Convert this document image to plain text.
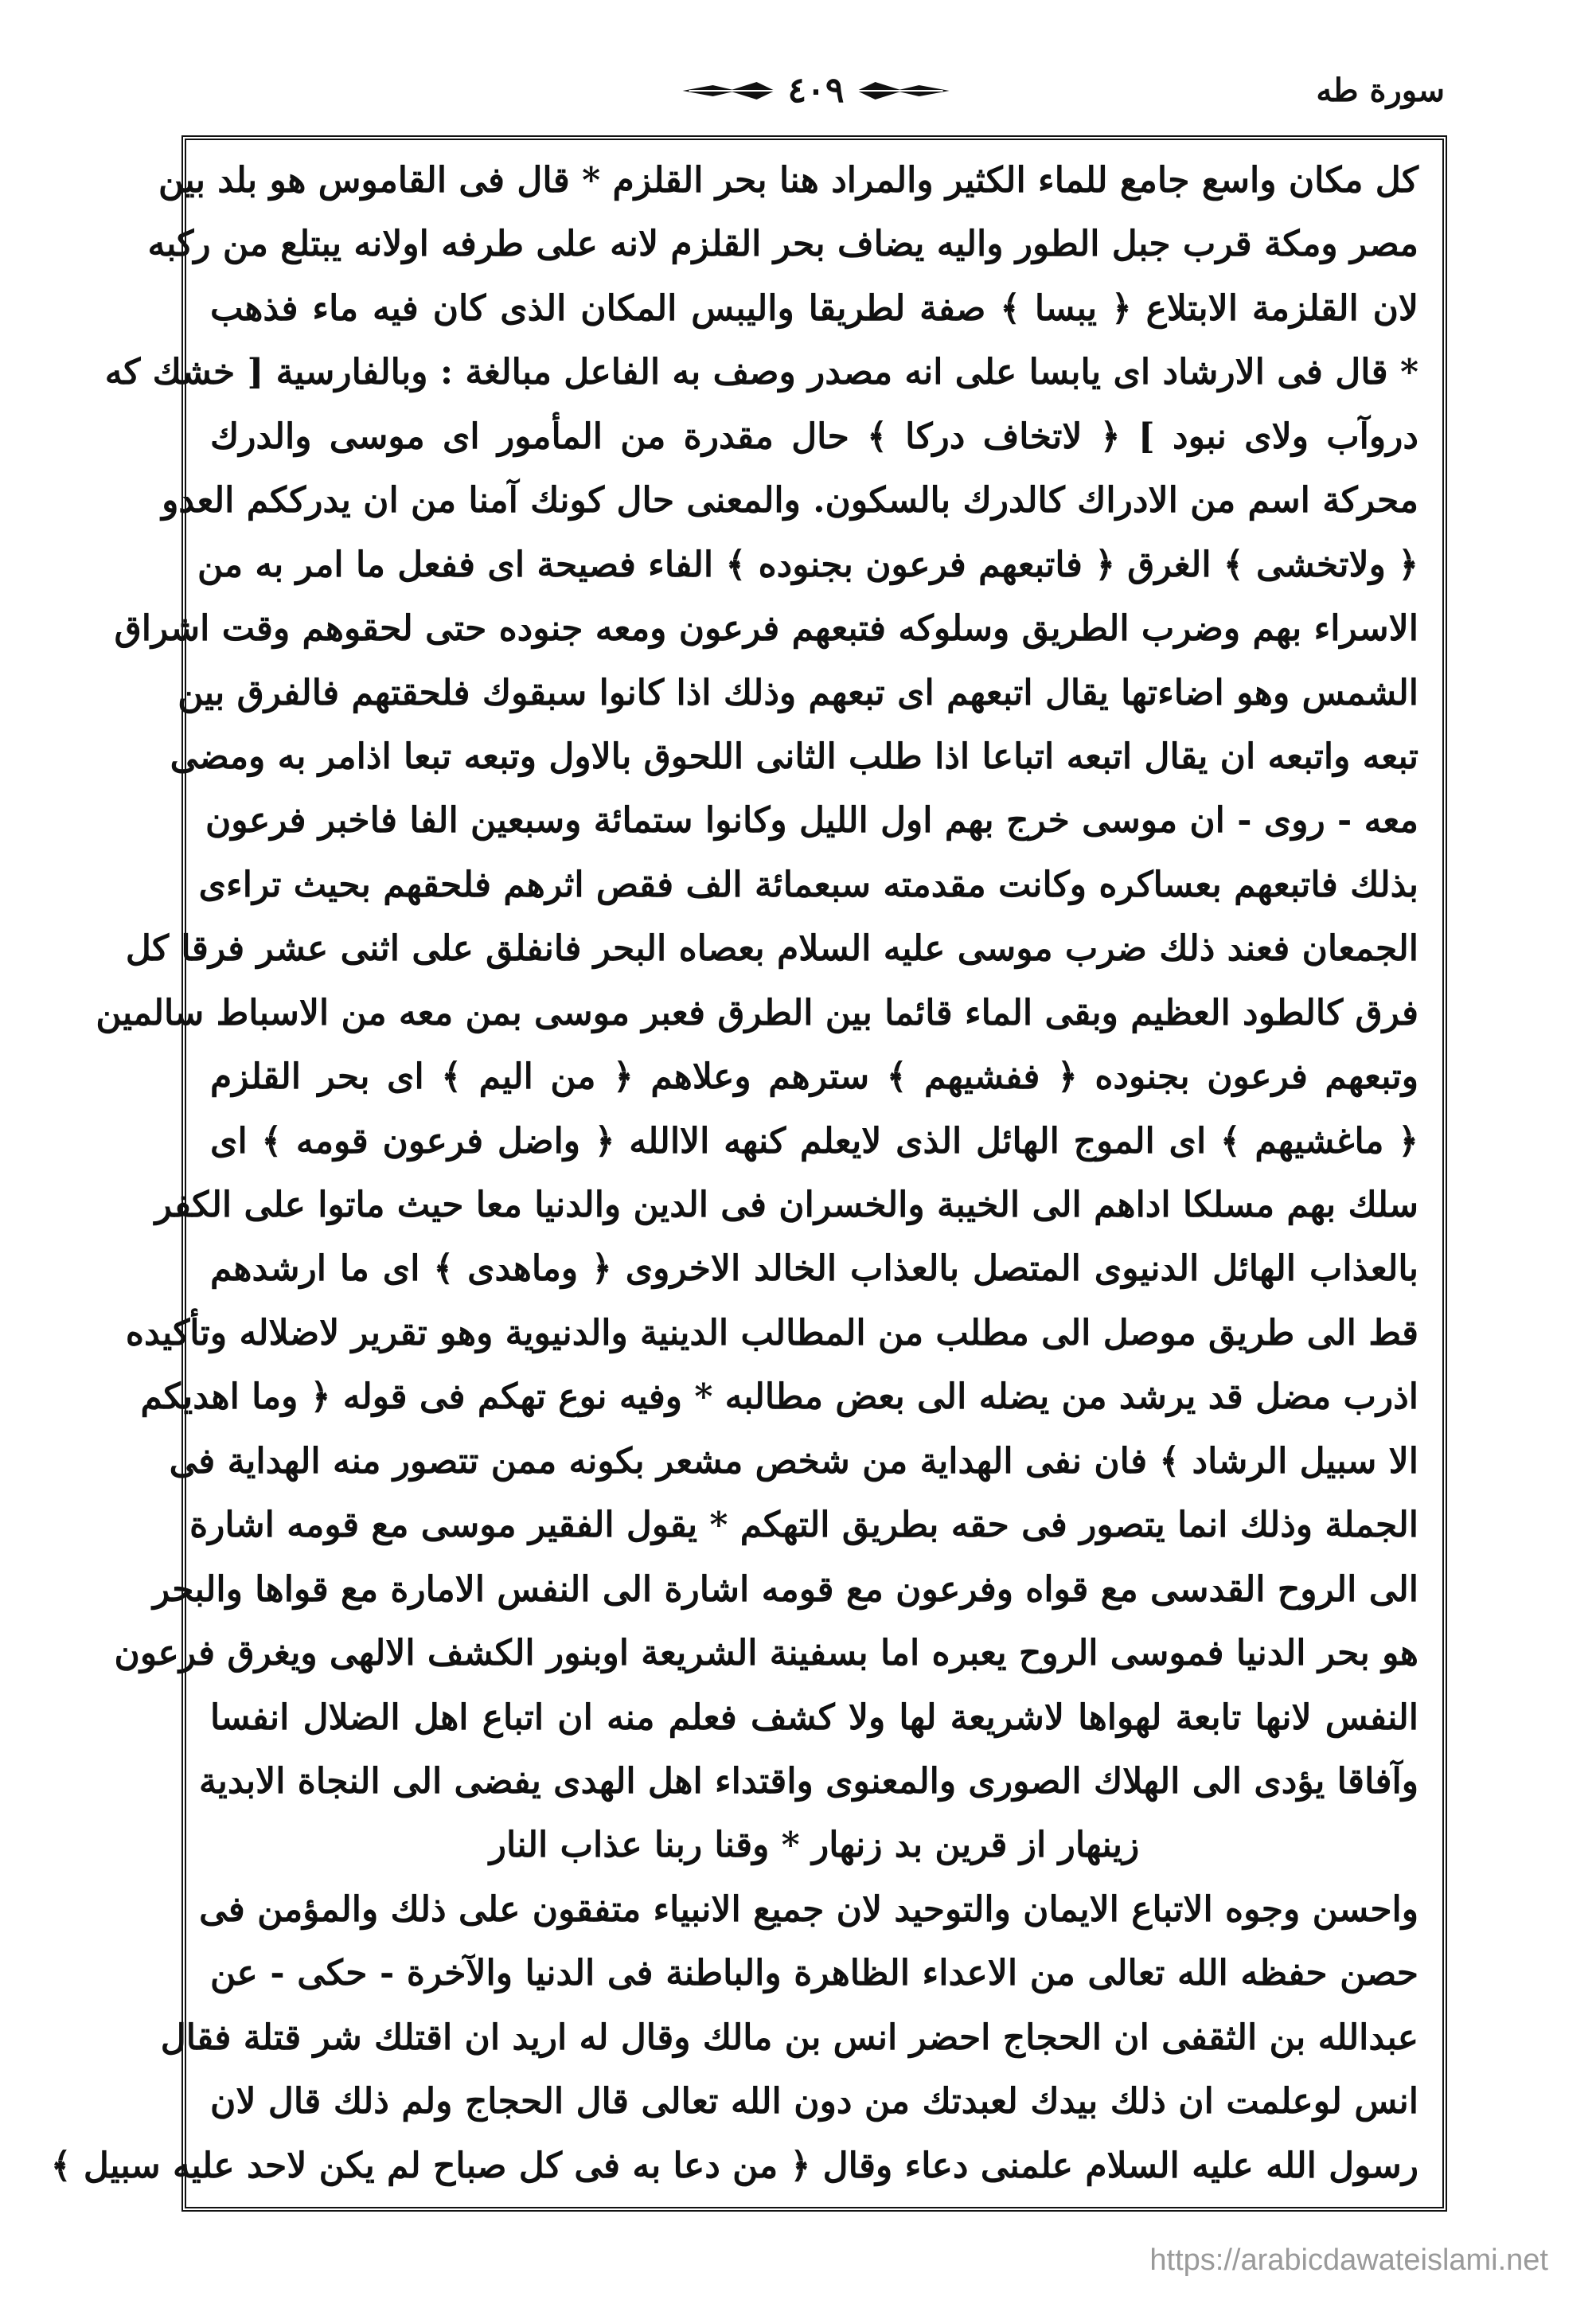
سورة طه
٤٠٩
كل مكان واسع جامع للماء الكثير والمراد هنا بحر القلزم * قال فى القاموس هو بلد بين
مصر ومكة قرب جبل الطور واليه يضاف بحر القلزم لانه على طرفه اولانه يبتلع من ركبه
لان القلزمة الابتلاع ﴿ يبسا ﴾ صفة لطريقا واليبس المكان الذى كان فيه ماء فذهب
* قال فى الارشاد اى يابسا على انه مصدر وصف به الفاعل مبالغة : وبالفارسية [ خشك كه
دروآب ولاى نبود ] ﴿ لاتخاف دركا ﴾ حال مقدرة من المأمور اى موسى والدرك
محركة اسم من الادراك كالدرك بالسكون. والمعنى حال كونك آمنا من ان يدرككم العدو
﴿ ولاتخشى ﴾ الغرق ﴿ فاتبعهم فرعون بجنوده ﴾ الفاء فصيحة اى ففعل ما امر به من
الاسراء بهم وضرب الطريق وسلوكه فتبعهم فرعون ومعه جنوده حتى لحقوهم وقت اشراق
الشمس وهو اضاءتها يقال اتبعهم اى تبعهم وذلك اذا كانوا سبقوك فلحقتهم فالفرق بين
تبعه واتبعه ان يقال اتبعه اتباعا اذا طلب الثانى اللحوق بالاول وتبعه تبعا اذامر به ومضى
معه - روى - ان موسى خرج بهم اول الليل وكانوا ستمائة وسبعين الفا فاخبر فرعون
بذلك فاتبعهم بعساكره وكانت مقدمته سبعمائة الف فقص اثرهم فلحقهم بحيث تراءى
الجمعان فعند ذلك ضرب موسى عليه السلام بعصاه البحر فانفلق على اثنى عشر فرقا كل
فرق كالطود العظيم وبقى الماء قائما بين الطرق فعبر موسى بمن معه من الاسباط سالمين
وتبعهم فرعون بجنوده ﴿ ففشيهم ﴾ سترهم وعلاهم ﴿ من اليم ﴾ اى بحر القلزم
﴿ ماغشيهم ﴾ اى الموج الهائل الذى لايعلم كنهه الاالله ﴿ واضل فرعون قومه ﴾ اى
سلك بهم مسلكا اداهم الى الخيبة والخسران فى الدين والدنيا معا حيث ماتوا على الكفر
بالعذاب الهائل الدنيوى المتصل بالعذاب الخالد الاخروى ﴿ وماهدى ﴾ اى ما ارشدهم
قط الى طريق موصل الى مطلب من المطالب الدينية والدنيوية وهو تقرير لاضلاله وتأكيده
اذرب مضل قد يرشد من يضله الى بعض مطالبه * وفيه نوع تهكم فى قوله ﴿ وما اهديكم
الا سبيل الرشاد ﴾ فان نفى الهداية من شخص مشعر بكونه ممن تتصور منه الهداية فى
الجملة وذلك انما يتصور فى حقه بطريق التهكم * يقول الفقير موسى مع قومه اشارة
الى الروح القدسى مع قواه وفرعون مع قومه اشارة الى النفس الامارة مع قواها والبحر
هو بحر الدنيا فموسى الروح يعبره اما بسفينة الشريعة اوبنور الكشف الالهى ويغرق فرعون
النفس لانها تابعة لهواها لاشريعة لها ولا كشف فعلم منه ان اتباع اهل الضلال انفسا
وآفاقا يؤدى الى الهلاك الصورى والمعنوى واقتداء اهل الهدى يفضى الى النجاة الابدية
زينهار از قرين بد زنهار * وقنا ربنا عذاب النار
واحسن وجوه الاتباع الايمان والتوحيد لان جميع الانبياء متفقون على ذلك والمؤمن فى
حصن حفظه الله تعالى من الاعداء الظاهرة والباطنة فى الدنيا والآخرة - حكى - عن
عبدالله بن الثقفى ان الحجاج احضر انس بن مالك وقال له اريد ان اقتلك شر قتلة فقال
انس لوعلمت ان ذلك بيدك لعبدتك من دون الله تعالى قال الحجاج ولم ذلك قال لان
رسول الله عليه السلام علمنى دعاء وقال ﴿ من دعا به فى كل صباح لم يكن لاحد عليه سبيل ﴾
https://arabicdawateislami.net
